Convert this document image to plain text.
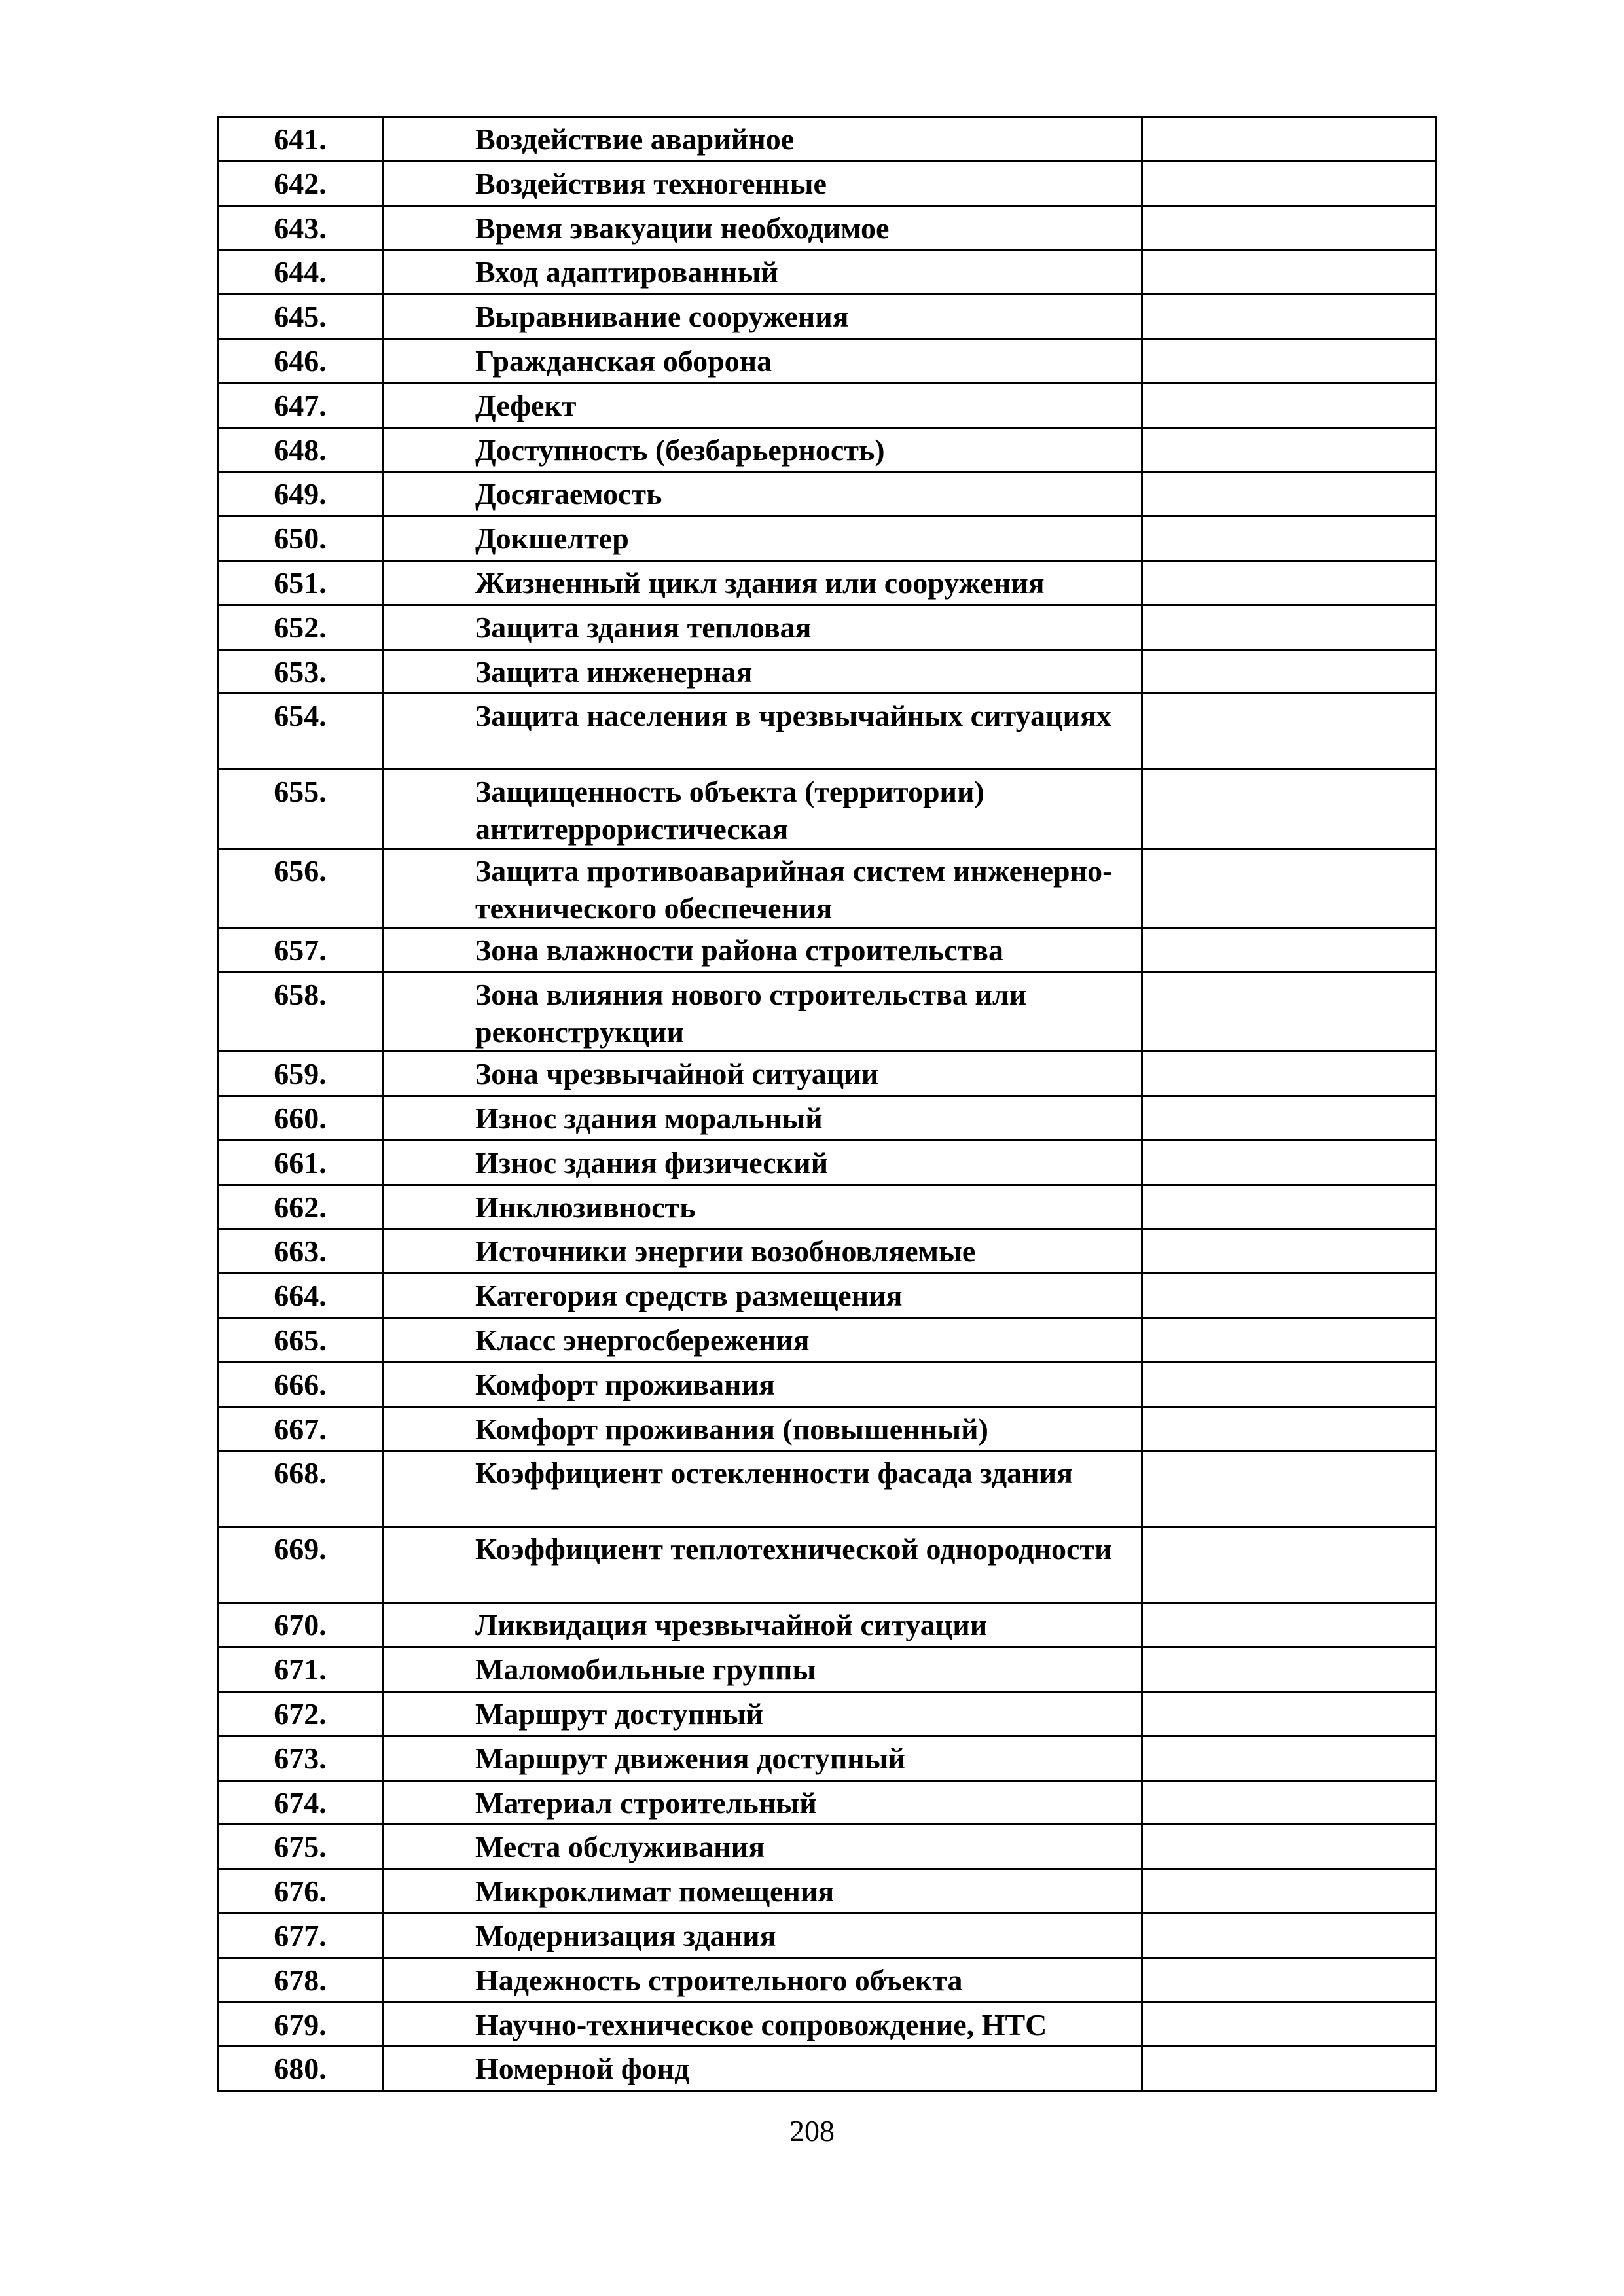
641.	Воздействие аварийное	
642.	Воздействия техногенные	
643.	Время эвакуации необходимое	
644.	Вход адаптированный	
645.	Выравнивание сооружения	
646.	Гражданская оборона	
647.	Дефект	
648.	Доступность (безбарьерность)	
649.	Досягаемость	
650.	Докшелтер	
651.	Жизненный цикл здания или сооружения	
652.	Защита здания тепловая	
653.	Защита инженерная	
654.	Защита населения в чрезвычайных ситуациях	
655.	Защищенность объекта (территории) антитеррористическая	
656.	Защита противоаварийная систем инженерно-технического обеспечения	
657.	Зона влажности района строительства	
658.	Зона влияния нового строительства или реконструкции	
659.	Зона чрезвычайной ситуации	
660.	Износ здания моральный	
661.	Износ здания физический	
662.	Инклюзивность	
663.	Источники энергии возобновляемые	
664.	Категория средств размещения	
665.	Класс энергосбережения	
666.	Комфорт проживания	
667.	Комфорт проживания (повышенный)	
668.	Коэффициент остекленности фасада здания	
669.	Коэффициент теплотехнической однородности	
670.	Ликвидация чрезвычайной ситуации	
671.	Маломобильные группы	
672.	Маршрут доступный	
673.	Маршрут движения доступный	
674.	Материал строительный	
675.	Места обслуживания	
676.	Микроклимат помещения	
677.	Модернизация здания	
678.	Надежность строительного объекта	
679.	Научно-техническое сопровождение, НТС	
680.	Номерной фонд	
208
